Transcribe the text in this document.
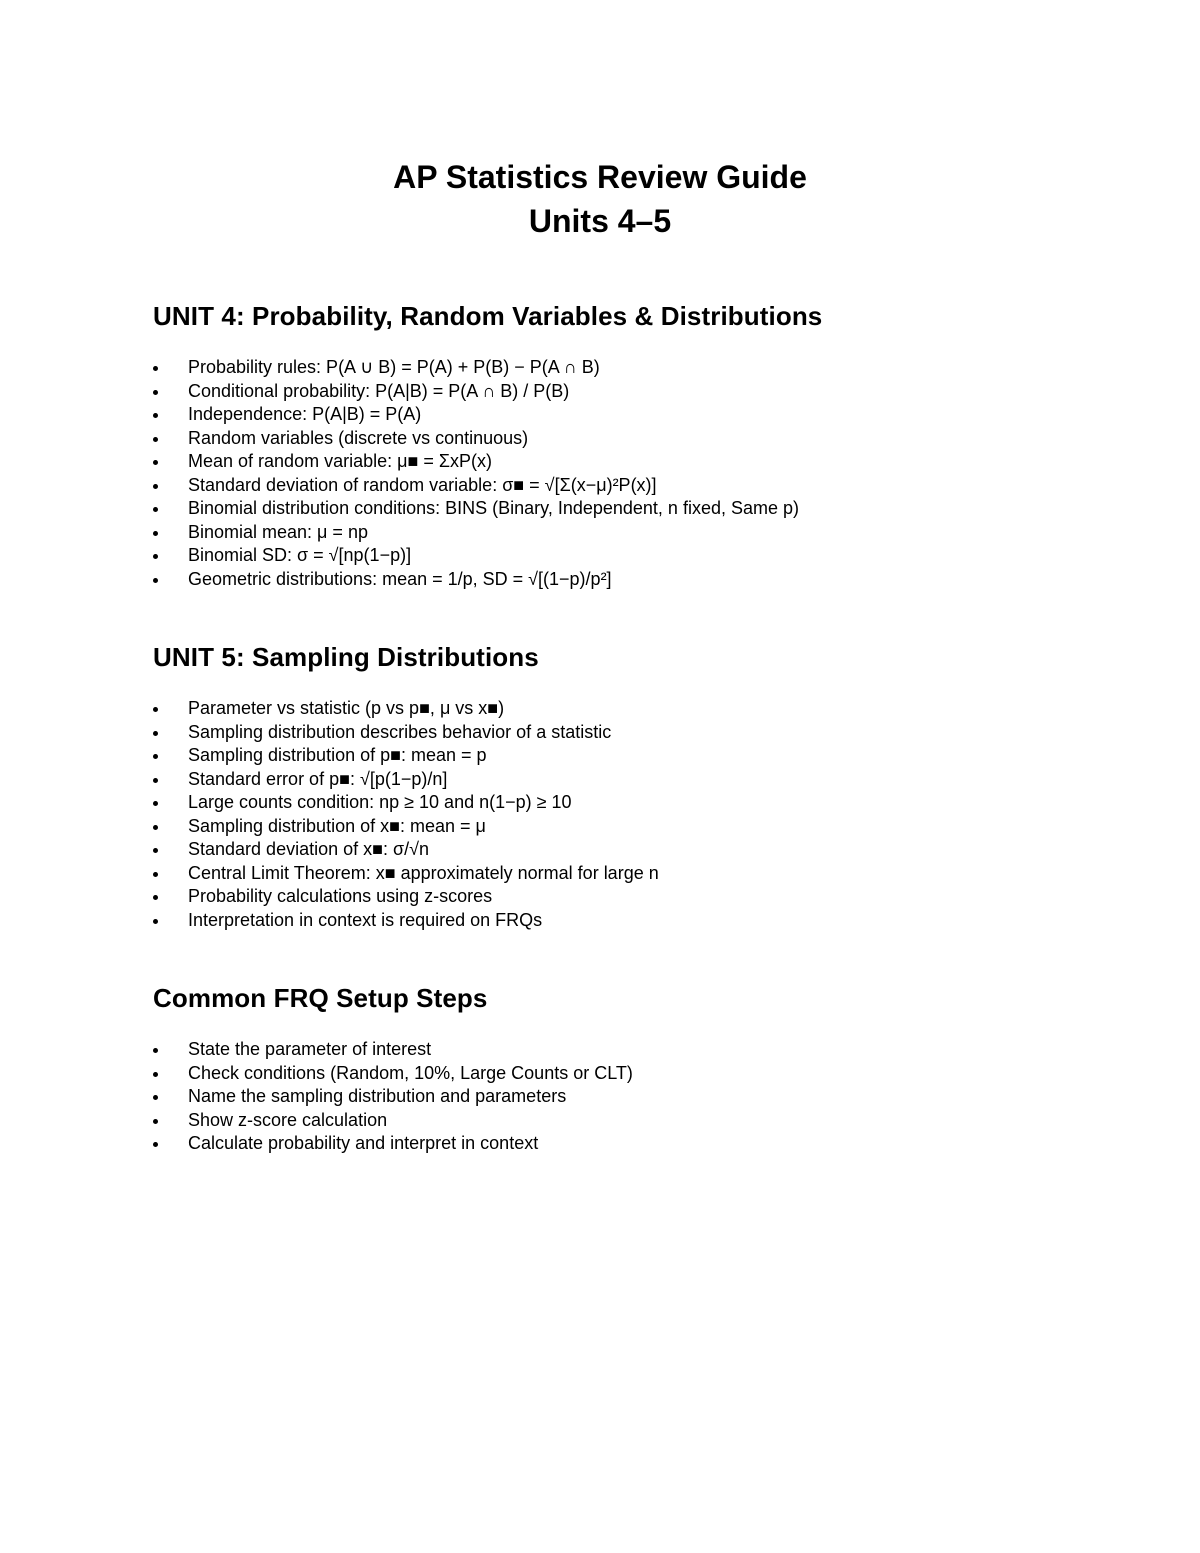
AP Statistics Review Guide
Units 4–5
UNIT 4: Probability, Random Variables & Distributions
Probability rules: P(A ∪ B) = P(A) + P(B) − P(A ∩ B)
Conditional probability: P(A|B) = P(A ∩ B) / P(B)
Independence: P(A|B) = P(A)
Random variables (discrete vs continuous)
Mean of random variable: μ■ = ΣxP(x)
Standard deviation of random variable: σ■ = √[Σ(x−μ)²P(x)]
Binomial distribution conditions: BINS (Binary, Independent, n fixed, Same p)
Binomial mean: μ = np
Binomial SD: σ = √[np(1−p)]
Geometric distributions: mean = 1/p, SD = √[(1−p)/p²]
UNIT 5: Sampling Distributions
Parameter vs statistic (p vs p■, μ vs x■)
Sampling distribution describes behavior of a statistic
Sampling distribution of p■: mean = p
Standard error of p■: √[p(1−p)/n]
Large counts condition: np ≥ 10 and n(1−p) ≥ 10
Sampling distribution of x■: mean = μ
Standard deviation of x■: σ/√n
Central Limit Theorem: x■ approximately normal for large n
Probability calculations using z-scores
Interpretation in context is required on FRQs
Common FRQ Setup Steps
State the parameter of interest
Check conditions (Random, 10%, Large Counts or CLT)
Name the sampling distribution and parameters
Show z-score calculation
Calculate probability and interpret in context
